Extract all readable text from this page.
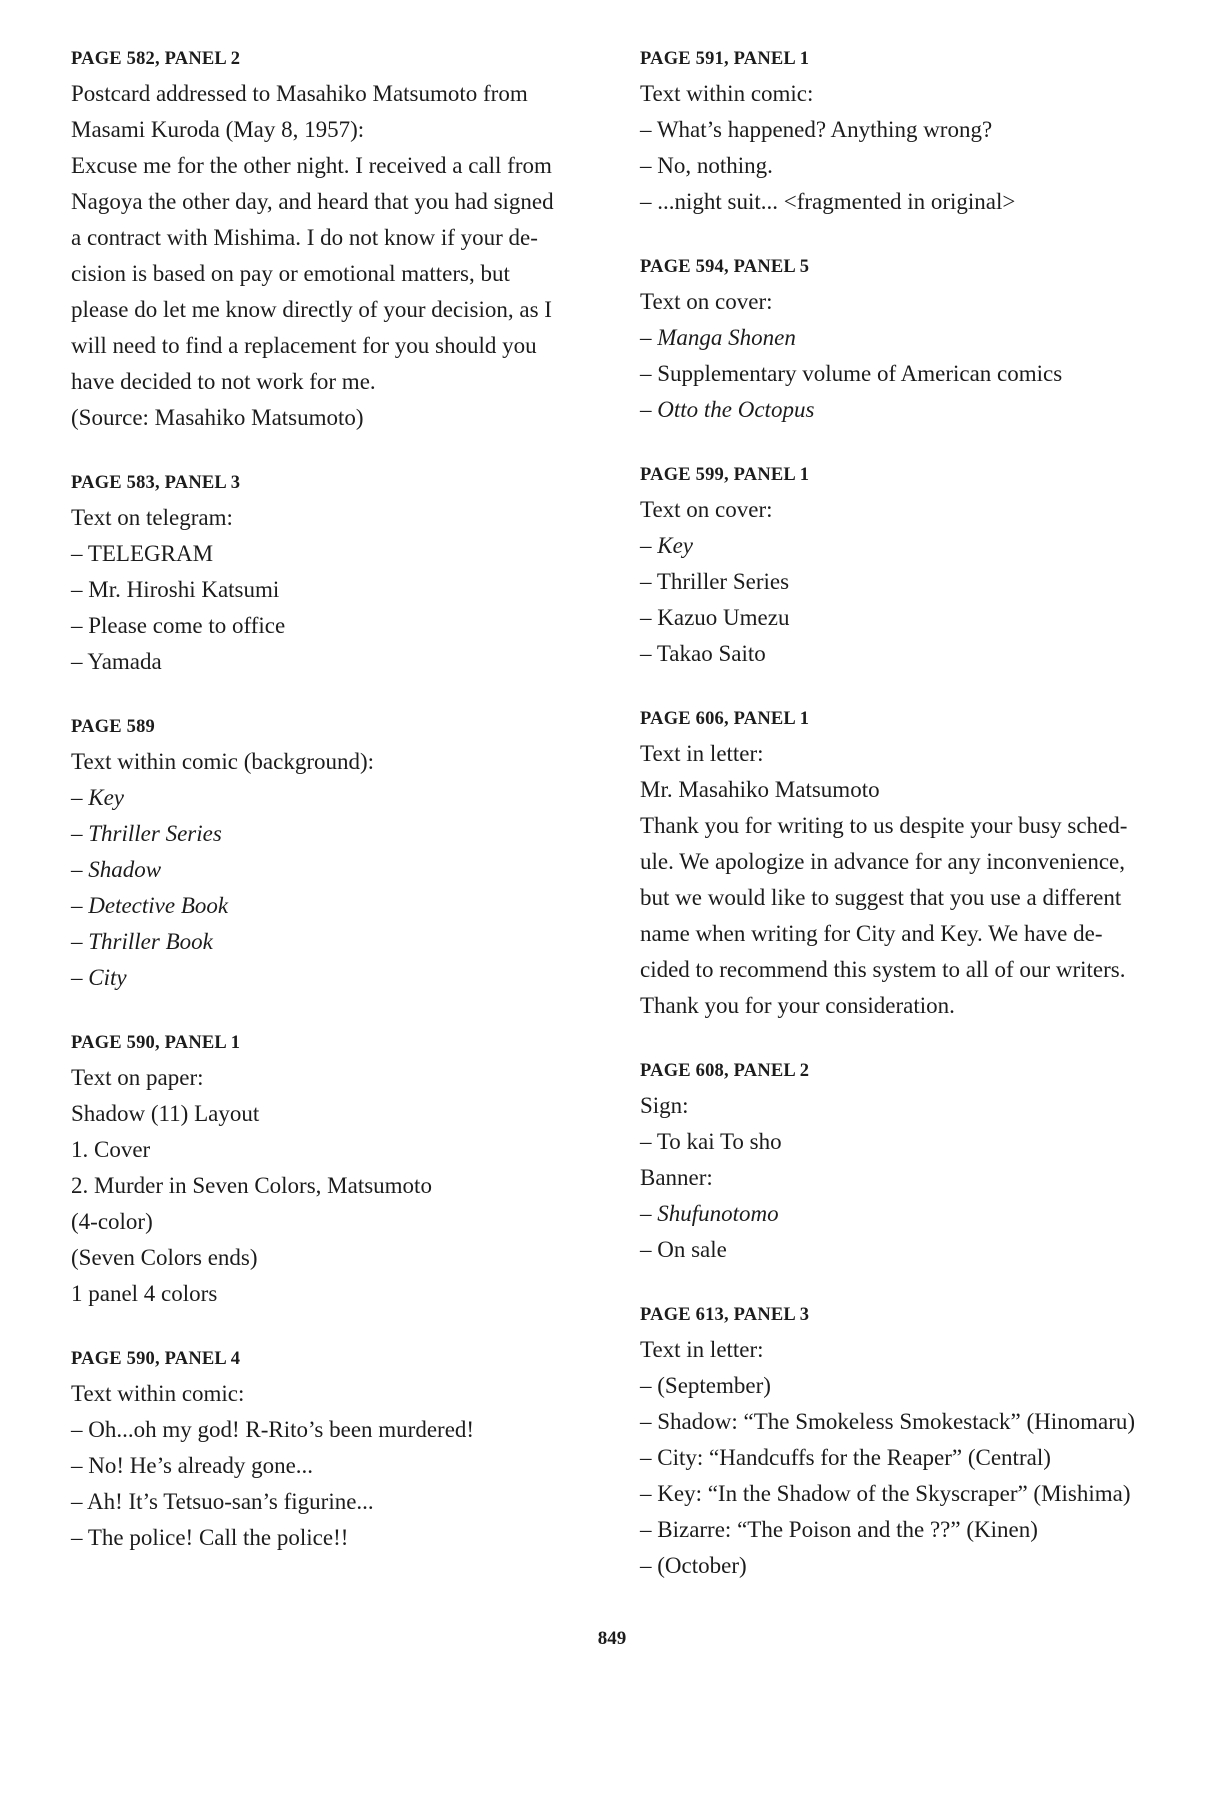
PAGE 582, PANEL 2
Postcard addressed to Masahiko Matsumoto from
Masami Kuroda (May 8, 1957):
Excuse me for the other night. I received a call from
Nagoya the other day, and heard that you had signed
a contract with Mishima. I do not know if your de-
cision is based on pay or emotional matters, but
please do let me know directly of your decision, as I
will need to find a replacement for you should you
have decided to not work for me.
(Source: Masahiko Matsumoto)
PAGE 583, PANEL 3
Text on telegram:
– TELEGRAM
– Mr. Hiroshi Katsumi
– Please come to office
– Yamada
PAGE 589
Text within comic (background):
– Key
– Thriller Series
– Shadow
– Detective Book
– Thriller Book
– City
PAGE 590, PANEL 1
Text on paper:
Shadow (11) Layout
1. Cover
2. Murder in Seven Colors, Matsumoto
(4-color)
(Seven Colors ends)
1 panel 4 colors
PAGE 590, PANEL 4
Text within comic:
– Oh...oh my god! R-Rito’s been murdered!
– No! He’s already gone...
– Ah! It’s Tetsuo-san’s figurine...
– The police! Call the police!!
PAGE 591, PANEL 1
Text within comic:
– What’s happened? Anything wrong?
– No, nothing.
– ...night suit... <fragmented in original>
PAGE 594, PANEL 5
Text on cover:
– Manga Shonen
– Supplementary volume of American comics
– Otto the Octopus
PAGE 599, PANEL 1
Text on cover:
– Key
– Thriller Series
– Kazuo Umezu
– Takao Saito
PAGE 606, PANEL 1
Text in letter:
Mr. Masahiko Matsumoto
Thank you for writing to us despite your busy sched-
ule. We apologize in advance for any inconvenience,
but we would like to suggest that you use a different
name when writing for City and Key. We have de-
cided to recommend this system to all of our writers.
Thank you for your consideration.
PAGE 608, PANEL 2
Sign:
– To kai To sho
Banner:
– Shufunotomo
– On sale
PAGE 613, PANEL 3
Text in letter:
– (September)
– Shadow: “The Smokeless Smokestack” (Hinomaru)
– City: “Handcuffs for the Reaper” (Central)
– Key: “In the Shadow of the Skyscraper” (Mishima)
– Bizarre: “The Poison and the ??” (Kinen)
– (October)
849
